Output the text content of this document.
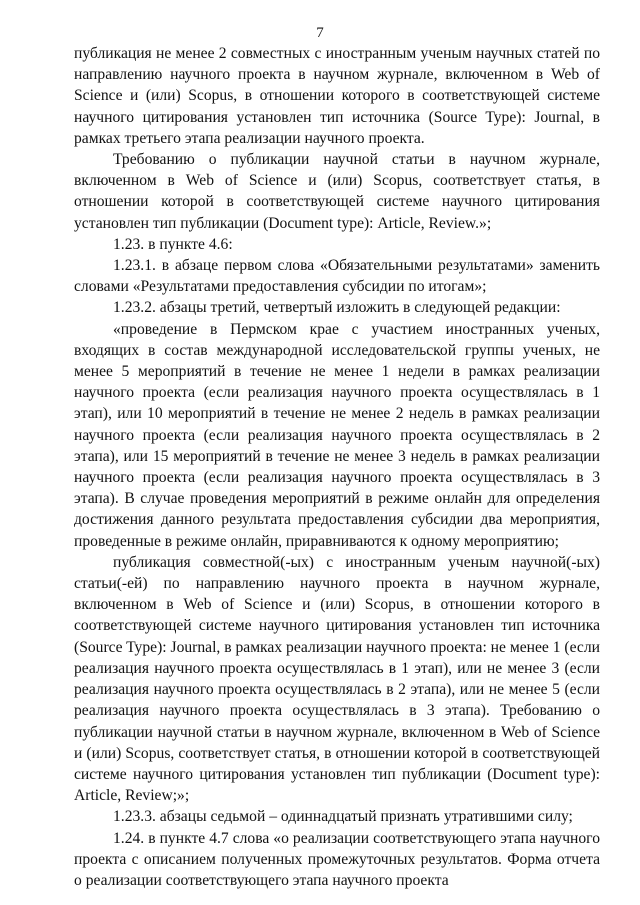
7

публикация не менее 2 совместных с иностранным ученым научных статей по направлению научного проекта в научном журнале, включенном в Web of Science и (или) Scopus, в отношении которого в соответствующей системе научного цитирования установлен тип источника (Source Type): Journal, в рамках третьего этапа реализации научного проекта.

Требованию о публикации научной статьи в научном журнале, включенном в Web of Science и (или) Scopus, соответствует статья, в отношении которой в соответствующей системе научного цитирования установлен тип публикации (Document type): Article, Review.»;

1.23. в пункте 4.6:

1.23.1. в абзаце первом слова «Обязательными результатами» заменить словами «Результатами предоставления субсидии по итогам»;

1.23.2. абзацы третий, четвертый изложить в следующей редакции:

«проведение в Пермском крае с участием иностранных ученых, входящих в состав международной исследовательской группы ученых, не менее 5 мероприятий в течение не менее 1 недели в рамках реализации научного проекта (если реализация научного проекта осуществлялась в 1 этап), или 10 мероприятий в течение не менее 2 недель в рамках реализации научного проекта (если реализация научного проекта осуществлялась в 2 этапа), или 15 мероприятий в течение не менее 3 недель в рамках реализации научного проекта (если реализация научного проекта осуществлялась в 3 этапа). В случае проведения мероприятий в режиме онлайн для определения достижения данного результата предоставления субсидии два мероприятия, проведенные в режиме онлайн, приравниваются к одному мероприятию;

публикация совместной(-ых) с иностранным ученым научной(-ых) статьи(-ей) по направлению научного проекта в научном журнале, включенном в Web of Science и (или) Scopus, в отношении которого в соответствующей системе научного цитирования установлен тип источника (Source Type): Journal, в рамках реализации научного проекта: не менее 1 (если реализация научного проекта осуществлялась в 1 этап), или не менее 3 (если реализация научного проекта осуществлялась в 2 этапа), или не менее 5 (если реализация научного проекта осуществлялась в 3 этапа). Требованию о публикации научной статьи в научном журнале, включенном в Web of Science и (или) Scopus, соответствует статья, в отношении которой в соответствующей системе научного цитирования установлен тип публикации (Document type): Article, Review;»;

1.23.3. абзацы седьмой – одиннадцатый признать утратившими силу;

1.24. в пункте 4.7 слова «о реализации соответствующего этапа научного проекта с описанием полученных промежуточных результатов. Форма отчета о реализации соответствующего этапа научного проекта
